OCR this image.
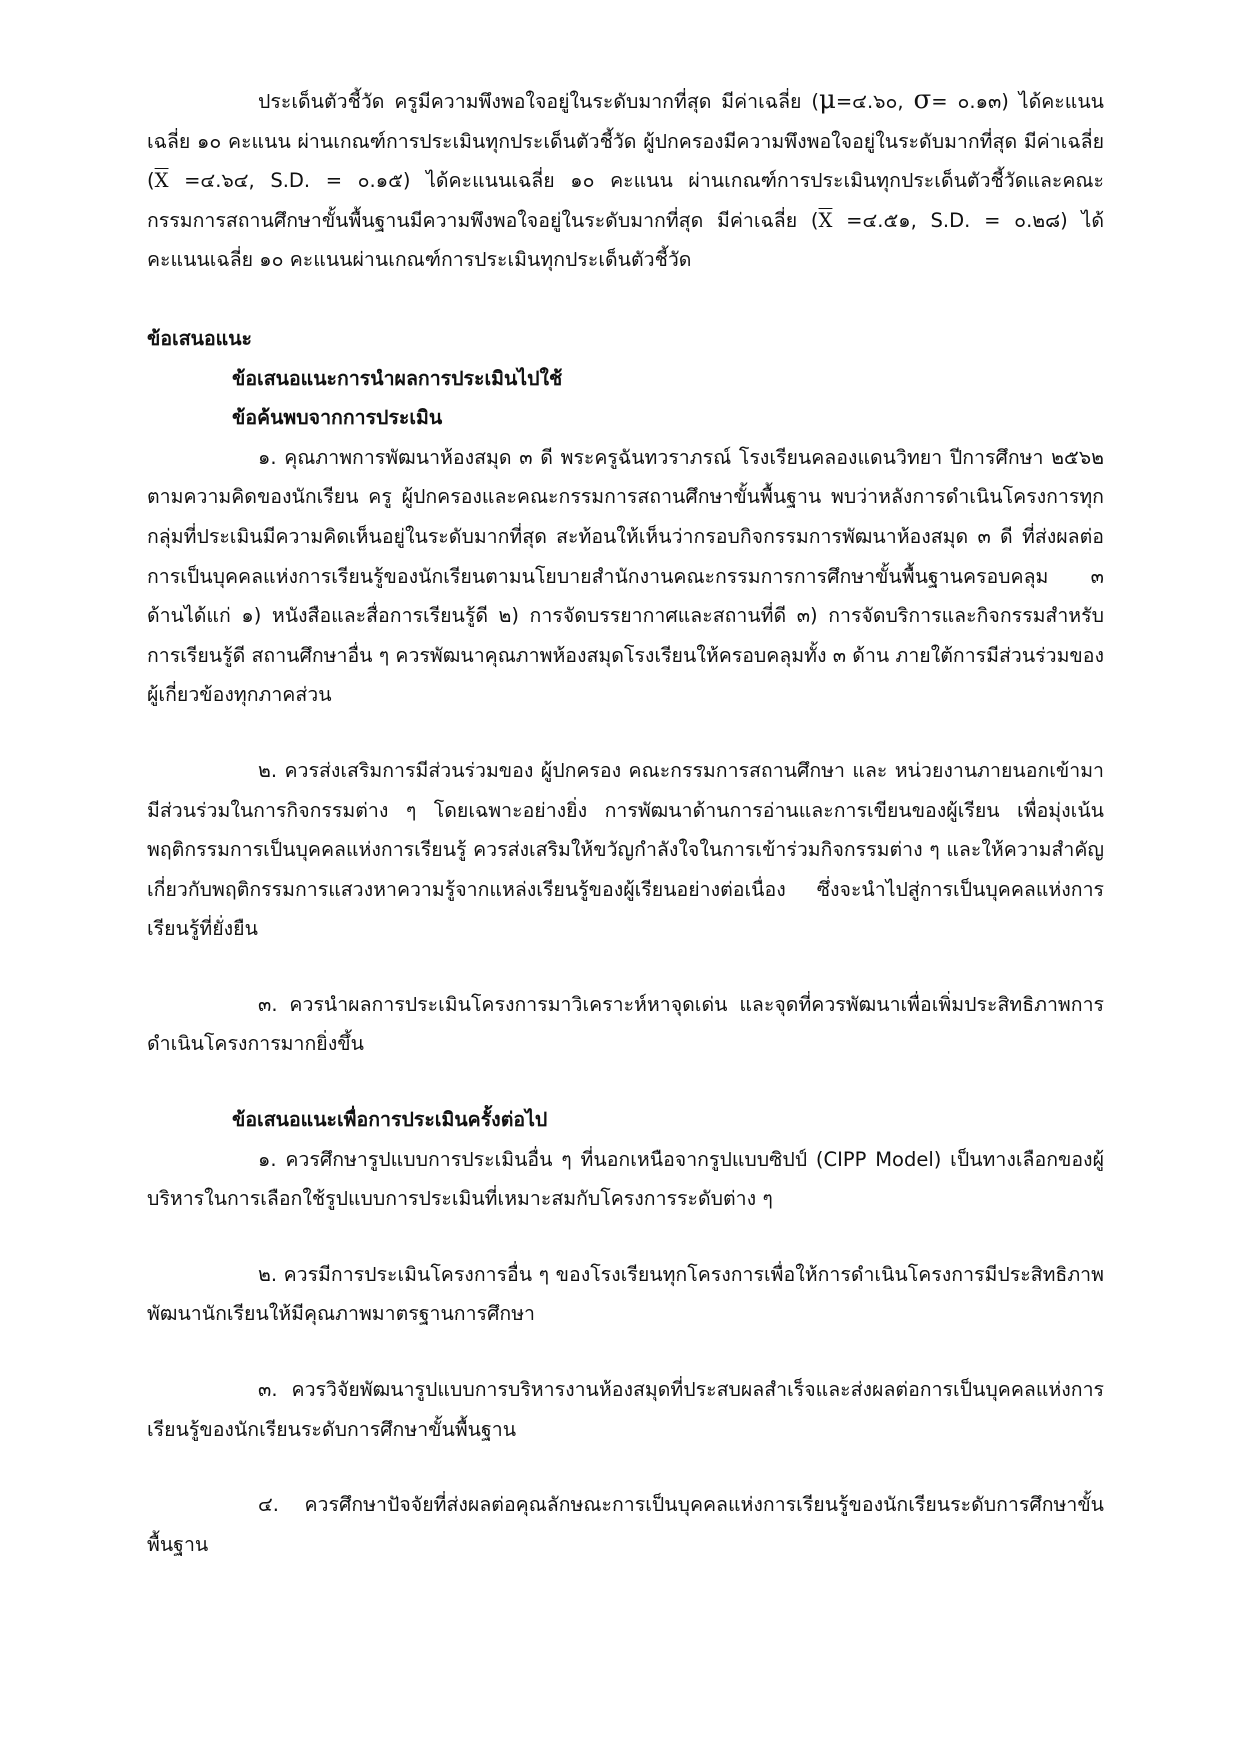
ประเด็นตัวชี้วัด ครูมีความพึงพอใจอยู่ในระดับมากที่สุด มีค่าเฉลี่ย (μ=๔.๖๐, σ= ๐.๑๓) ได้คะแนนเฉลี่ย ๑๐ คะแนน ผ่านเกณฑ์การประเมินทุกประเด็นตัวชี้วัด ผู้ปกครองมีความพึงพอใจอยู่ในระดับมากที่สุด มีค่าเฉลี่ย ($\overline{X}$ =๔.๖๔, S.D. = ๐.๑๕) ได้คะแนนเฉลี่ย ๑๐ คะแนน ผ่านเกณฑ์การประเมินทุกประเด็นตัวชี้วัดและคณะกรรมการสถานศึกษาขั้นพื้นฐานมีความพึงพอใจอยู่ในระดับมากที่สุด มีค่าเฉลี่ย ($\overline{X}$ =๔.๕๑, S.D. = ๐.๒๘) ได้คะแนนเฉลี่ย ๑๐ คะแนนผ่านเกณฑ์การประเมินทุกประเด็นตัวชี้วัด

ข้อเสนอแนะ

ข้อเสนอแนะการนำผลการประเมินไปใช้

ข้อค้นพบจากการประเมิน

๑. คุณภาพการพัฒนาห้องสมุด ๓ ดี พระครูฉันทวราภรณ์ โรงเรียนคลองแดนวิทยา ปีการศึกษา ๒๕๖๒ ตามความคิดของนักเรียน ครู ผู้ปกครองและคณะกรรมการสถานศึกษาขั้นพื้นฐาน พบว่าหลังการดำเนินโครงการทุกกลุ่มที่ประเมินมีความคิดเห็นอยู่ในระดับมากที่สุด สะท้อนให้เห็นว่ากรอบกิจกรรมการพัฒนาห้องสมุด ๓ ดี ที่ส่งผลต่อการเป็นบุคคลแห่งการเรียนรู้ของนักเรียนตามนโยบายสำนักงานคณะกรรมการการศึกษาขั้นพื้นฐานครอบคลุม ๓ ด้านได้แก่ ๑) หนังสือและสื่อการเรียนรู้ดี ๒) การจัดบรรยากาศและสถานที่ดี ๓) การจัดบริการและกิจกรรมสำหรับการเรียนรู้ดี สถานศึกษาอื่น ๆ ควรพัฒนาคุณภาพห้องสมุดโรงเรียนให้ครอบคลุมทั้ง ๓ ด้าน ภายใต้การมีส่วนร่วมของผู้เกี่ยวข้องทุกภาคส่วน

๒. ควรส่งเสริมการมีส่วนร่วมของ ผู้ปกครอง คณะกรรมการสถานศึกษา และ หน่วยงานภายนอกเข้ามามีส่วนร่วมในการกิจกรรมต่าง ๆ โดยเฉพาะอย่างยิ่ง การพัฒนาด้านการอ่านและการเขียนของผู้เรียน เพื่อมุ่งเน้นพฤติกรรมการเป็นบุคคลแห่งการเรียนรู้ ควรส่งเสริมให้ขวัญกำลังใจในการเข้าร่วมกิจกรรมต่าง ๆ และให้ความสำคัญเกี่ยวกับพฤติกรรมการแสวงหาความรู้จากแหล่งเรียนรู้ของผู้เรียนอย่างต่อเนื่อง ซึ่งจะนำไปสู่การเป็นบุคคลแห่งการเรียนรู้ที่ยั่งยืน

๓. ควรนำผลการประเมินโครงการมาวิเคราะห์หาจุดเด่น และจุดที่ควรพัฒนาเพื่อเพิ่มประสิทธิภาพการดำเนินโครงการมากยิ่งขึ้น

ข้อเสนอแนะเพื่อการประเมินครั้งต่อไป

๑. ควรศึกษารูปแบบการประเมินอื่น ๆ ที่นอกเหนือจากรูปแบบซิปป์ (CIPP Model) เป็นทางเลือกของผู้บริหารในการเลือกใช้รูปแบบการประเมินที่เหมาะสมกับโครงการระดับต่าง ๆ

๒. ควรมีการประเมินโครงการอื่น ๆ ของโรงเรียนทุกโครงการเพื่อให้การดำเนินโครงการมีประสิทธิภาพ พัฒนานักเรียนให้มีคุณภาพมาตรฐานการศึกษา

๓. ควรวิจัยพัฒนารูปแบบการบริหารงานห้องสมุดที่ประสบผลสำเร็จและส่งผลต่อการเป็นบุคคลแห่งการเรียนรู้ของนักเรียนระดับการศึกษาขั้นพื้นฐาน

๔. ควรศึกษาปัจจัยที่ส่งผลต่อคุณลักษณะการเป็นบุคคลแห่งการเรียนรู้ของนักเรียนระดับการศึกษาขั้นพื้นฐาน
